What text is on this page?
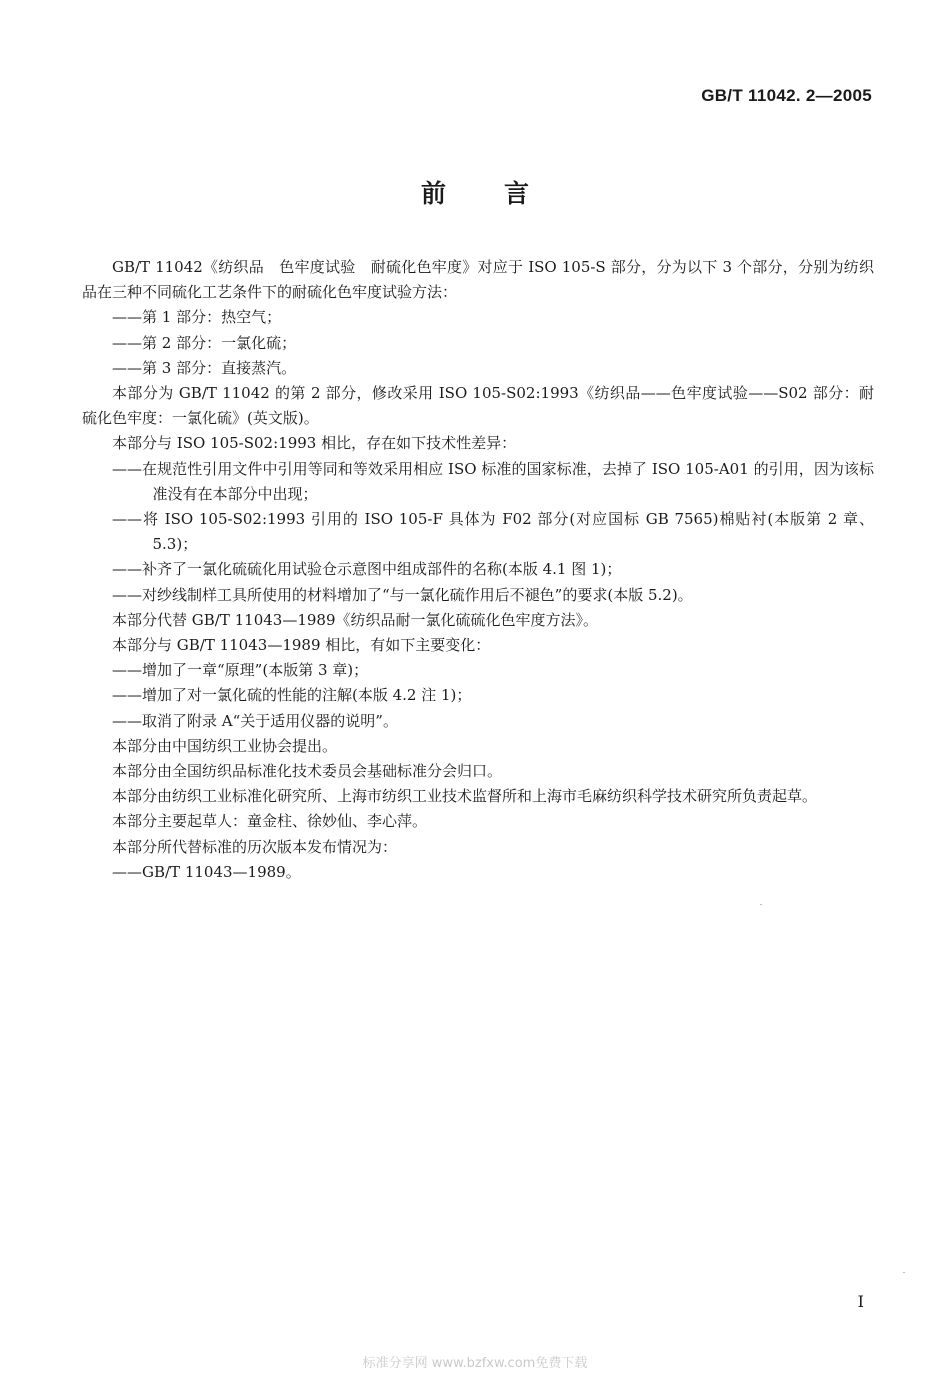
GB/T 11042. 2—2005
前言

GB/T 11042《纺织品　色牢度试验　耐硫化色牢度》对应于 ISO 105-S 部分，分为以下 3 个部分，分别为纺织品在三种不同硫化工艺条件下的耐硫化色牢度试验方法：

——第 1 部分：热空气；

——第 2 部分：一氯化硫；

——第 3 部分：直接蒸汽。

本部分为 GB/T 11042 的第 2 部分，修改采用 ISO 105-S02:1993《纺织品——色牢度试验——S02 部分：耐硫化色牢度：一氯化硫》(英文版)。

本部分与 ISO 105-S02:1993 相比，存在如下技术性差异：

——在规范性引用文件中引用等同和等效采用相应 ISO 标准的国家标准，去掉了 ISO 105-A01 的引用，因为该标准没有在本部分中出现；

——将 ISO 105-S02:1993 引用的 ISO 105-F 具体为 F02 部分(对应国标 GB 7565)棉贴衬(本版第 2 章、5.3)；

——补齐了一氯化硫硫化用试验仓示意图中组成部件的名称(本版 4.1 图 1)；

——对纱线制样工具所使用的材料增加了“与一氯化硫作用后不褪色”的要求(本版 5.2)。

本部分代替 GB/T 11043—1989《纺织品耐一氯化硫硫化色牢度方法》。

本部分与 GB/T 11043—1989 相比，有如下主要变化：

——增加了一章“原理”(本版第 3 章)；

——增加了对一氯化硫的性能的注解(本版 4.2 注 1)；

——取消了附录 A“关于适用仪器的说明”。

本部分由中国纺织工业协会提出。

本部分由全国纺织品标准化技术委员会基础标准分会归口。

本部分由纺织工业标准化研究所、上海市纺织工业技术监督所和上海市毛麻纺织科学技术研究所负责起草。

本部分主要起草人：童金柱、徐妙仙、李心萍。

本部分所代替标准的历次版本发布情况为：

——GB/T 11043—1989。

I
标准分享网 www.bzfxw.com免费下载
